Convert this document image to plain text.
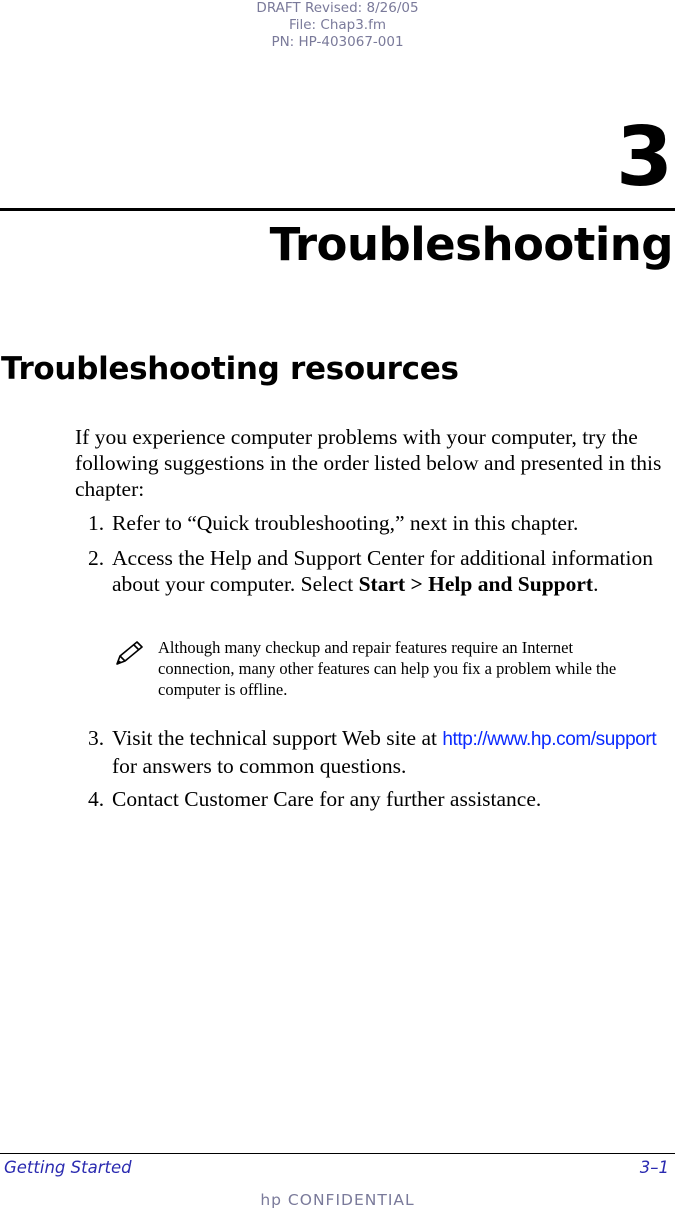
DRAFT Revised: 8/26/05
File: Chap3.fm
PN: HP-403067-001
3
Troubleshooting
Troubleshooting resources

If you experience computer problems with your computer, try the following suggestions in the order listed below and presented in this chapter:

1. Refer to “Quick troubleshooting,” next in this chapter.
2. Access the Help and Support Center for additional information about your computer. Select Start > Help and Support.
Although many checkup and repair features require an Internet connection, many other features can help you fix a problem while the computer is offline.
3. Visit the technical support Web site at http://www.hp.com/support for answers to common questions.
4. Contact Customer Care for any further assistance.
Getting Started	3–1
hp CONFIDENTIAL
